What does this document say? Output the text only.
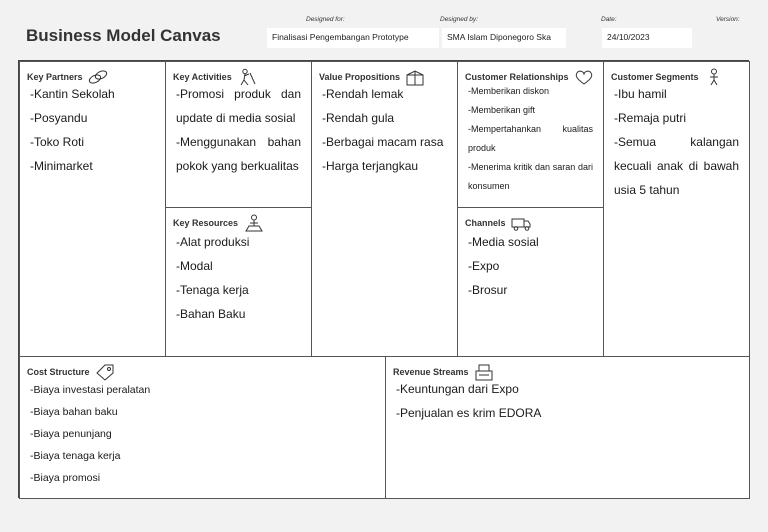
Business Model Canvas
Designed for:
Finalisasi Pengembangan Prototype
Designed by:
SMA Islam Diponegoro Ska
Date:
24/10/2023
Version:
Key Partners
-Kantin Sekolah
-Posyandu
-Toko Roti
-Minimarket
Key Activities
-Promosi produk dan update di media sosial
-Menggunakan bahan pokok yang berkualitas
Key Resources
-Alat produksi
-Modal
-Tenaga kerja
-Bahan Baku
Value Propositions
-Rendah lemak
-Rendah gula
-Berbagai macam rasa
-Harga terjangkau
Customer Relationships
-Memberikan diskon
-Memberikan gift
-Mempertahankan kualitas produk
-Menerima kritik dan saran dari konsumen
Channels
-Media sosial
-Expo
-Brosur
Customer Segments
-Ibu hamil
-Remaja putri
-Semua kalangan kecuali anak di bawah usia 5 tahun
Cost Structure
-Biaya investasi peralatan
-Biaya bahan baku
-Biaya penunjang
-Biaya tenaga kerja
-Biaya promosi
Revenue Streams
-Keuntungan dari Expo
-Penjualan es krim EDORA
